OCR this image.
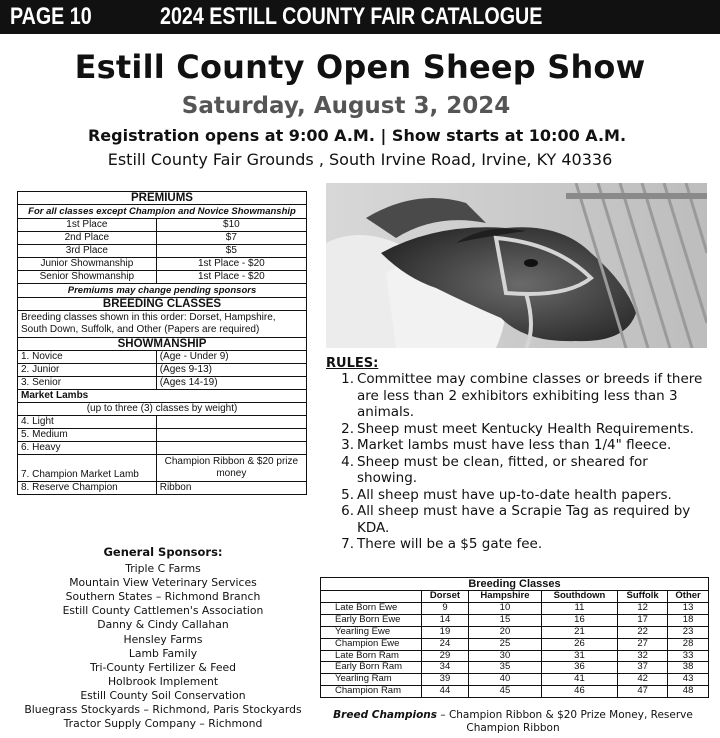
PAGE 10	2024 ESTILL COUNTY FAIR CATALOGUE
Estill County Open Sheep Show
Saturday, August 3, 2024
Registration opens at 9:00 A.M. | Show starts at 10:00 A.M.
Estill County Fair Grounds , South Irvine Road, Irvine, KY 40336
PREMIUMS	
For all classes except Champion and Novice Showmanship	
1st Place	$10
2nd Place	$7
3rd Place	$5
Junior Showmanship	1st Place - $20
Senior Showmanship	1st Place - $20
Premiums may change pending sponsors	
BREEDING CLASSES	
Breeding classes shown in this order: Dorset, Hampshire, South Down, Suffolk, and Other (Papers are required)	
SHOWMANSHIP	
1. Novice	(Age - Under 9)
2. Junior	(Ages 9-13)
3. Senior	(Ages 14-19)
Market Lambs	
(up to three (3) classes by weight)	
4. Light	
5. Medium	
6. Heavy	
7. Champion Market Lamb	Champion Ribbon & $20 prize money
8. Reserve Champion	Ribbon
RULES:
1. Committee may combine classes or breeds if there are less than 2 exhibitors exhibiting less than 3 animals.
2. Sheep must meet Kentucky Health Requirements.
3. Market lambs must have less than 1/4" fleece.
4. Sheep must be clean, fitted, or sheared for showing.
5. All sheep must have up-to-date health papers.
6. All sheep must have a Scrapie Tag as required by KDA.
7. There will be a $5 gate fee.
General Sponsors:
Triple C Farms
Mountain View Veterinary Services
Southern States – Richmond Branch
Estill County Cattlemen's Association
Danny & Cindy Callahan
Hensley Farms
Lamb Family
Tri-County Fertilizer & Feed
Holbrook Implement
Estill County Soil Conservation
Bluegrass Stockyards – Richmond, Paris Stockyards
Tractor Supply Company – Richmond
Breeding Classes					
	Dorset	Hampshire	Southdown	Suffolk	Other
Late Born Ewe	9	10	11	12	13
Early Born Ewe	14	15	16	17	18
Yearling Ewe	19	20	21	22	23
Champion Ewe	24	25	26	27	28
Late Born Ram	29	30	31	32	33
Early Born Ram	34	35	36	37	38
Yearling Ram	39	40	41	42	43
Champion Ram	44	45	46	47	48
Breed Champions – Champion Ribbon & $20 Prize Money, Reserve Champion Ribbon
